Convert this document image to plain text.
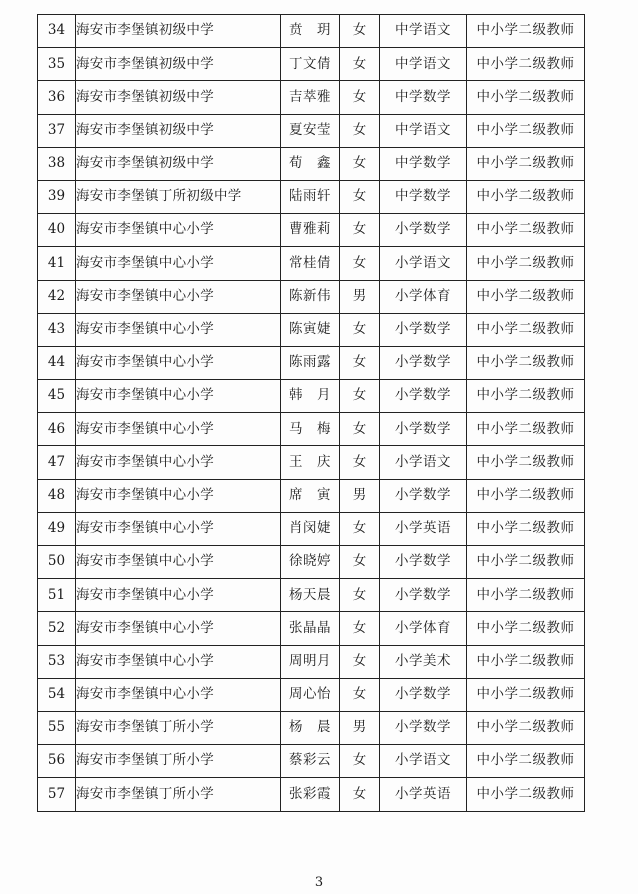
34	海安市李堡镇初级中学	贲　玥	女	中学语文	中小学二级教师
35	海安市李堡镇初级中学	丁文倩	女	中学语文	中小学二级教师
36	海安市李堡镇初级中学	吉萃雅	女	中学数学	中小学二级教师
37	海安市李堡镇初级中学	夏安莹	女	中学语文	中小学二级教师
38	海安市李堡镇初级中学	荀　鑫	女	中学数学	中小学二级教师
39	海安市李堡镇丁所初级中学	陆雨轩	女	中学数学	中小学二级教师
40	海安市李堡镇中心小学	曹雅莉	女	小学数学	中小学二级教师
41	海安市李堡镇中心小学	常桂倩	女	小学语文	中小学二级教师
42	海安市李堡镇中心小学	陈新伟	男	小学体育	中小学二级教师
43	海安市李堡镇中心小学	陈寅婕	女	小学数学	中小学二级教师
44	海安市李堡镇中心小学	陈雨露	女	小学数学	中小学二级教师
45	海安市李堡镇中心小学	韩　月	女	小学数学	中小学二级教师
46	海安市李堡镇中心小学	马　梅	女	小学数学	中小学二级教师
47	海安市李堡镇中心小学	王　庆	女	小学语文	中小学二级教师
48	海安市李堡镇中心小学	席　寅	男	小学数学	中小学二级教师
49	海安市李堡镇中心小学	肖闵婕	女	小学英语	中小学二级教师
50	海安市李堡镇中心小学	徐晓婷	女	小学数学	中小学二级教师
51	海安市李堡镇中心小学	杨天晨	女	小学数学	中小学二级教师
52	海安市李堡镇中心小学	张晶晶	女	小学体育	中小学二级教师
53	海安市李堡镇中心小学	周明月	女	小学美术	中小学二级教师
54	海安市李堡镇中心小学	周心怡	女	小学数学	中小学二级教师
55	海安市李堡镇丁所小学	杨　晨	男	小学数学	中小学二级教师
56	海安市李堡镇丁所小学	蔡彩云	女	小学语文	中小学二级教师
57	海安市李堡镇丁所小学	张彩霞	女	小学英语	中小学二级教师
3
